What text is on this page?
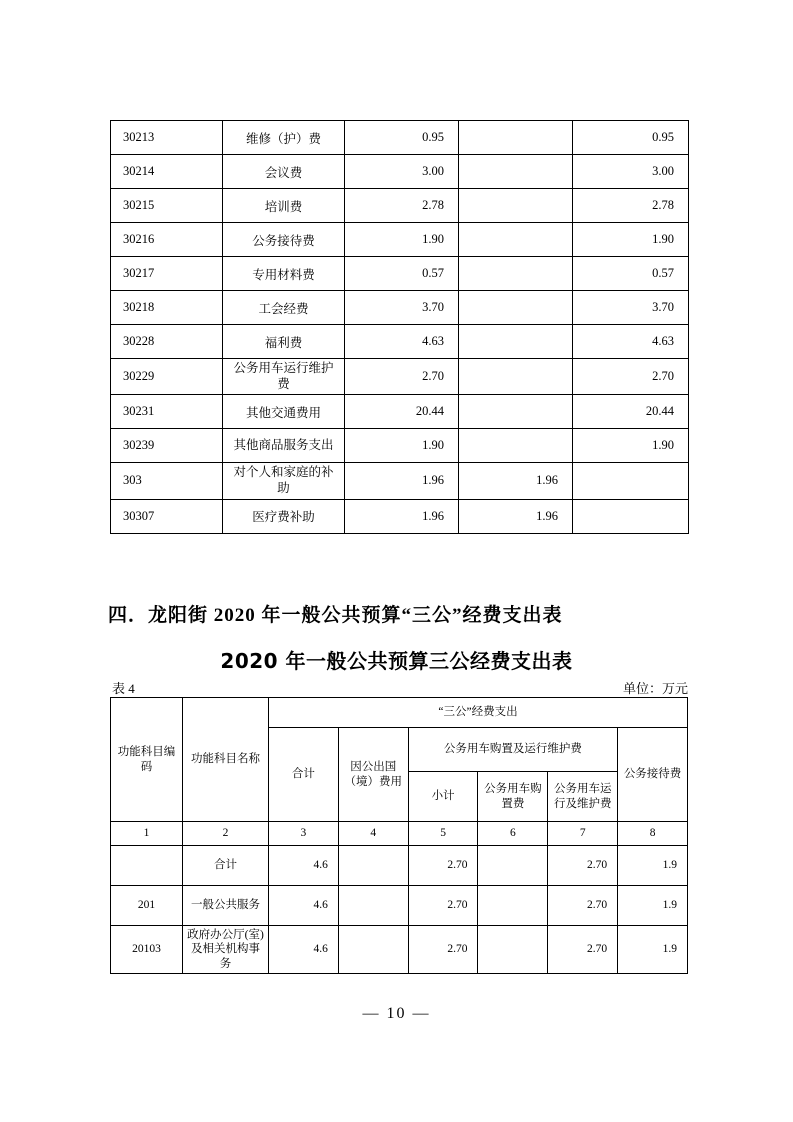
30213	维修（护）费	0.95		0.95
30214	会议费	3.00		3.00
30215	培训费	2.78		2.78
30216	公务接待费	1.90		1.90
30217	专用材料费	0.57		0.57
30218	工会经费	3.70		3.70
30228	福利费	4.63		4.63
30229	公务用车运行维护费	2.70		2.70
30231	其他交通费用	20.44		20.44
30239	其他商品服务支出	1.90		1.90
303	对个人和家庭的补助	1.96	1.96	
30307	医疗费补助	1.96	1.96	
四．龙阳街 2020 年一般公共预算“三公”经费支出表
2020 年一般公共预算三公经费支出表
表 4	单位：万元
功能科目编码	功能科目名称	“三公”经费支出					
		合计	因公出国（境）费用	公务用车购置及运行维护费			公务接待费
				小计	公务用车购置费	公务用车运行及维护费	
1	2	3	4	5	6	7	8
	合计	4.6		2.70		2.70	1.9
201	一般公共服务	4.6		2.70		2.70	1.9
20103	政府办公厅(室)及相关机构事务	4.6		2.70		2.70	1.9
— 10 —
